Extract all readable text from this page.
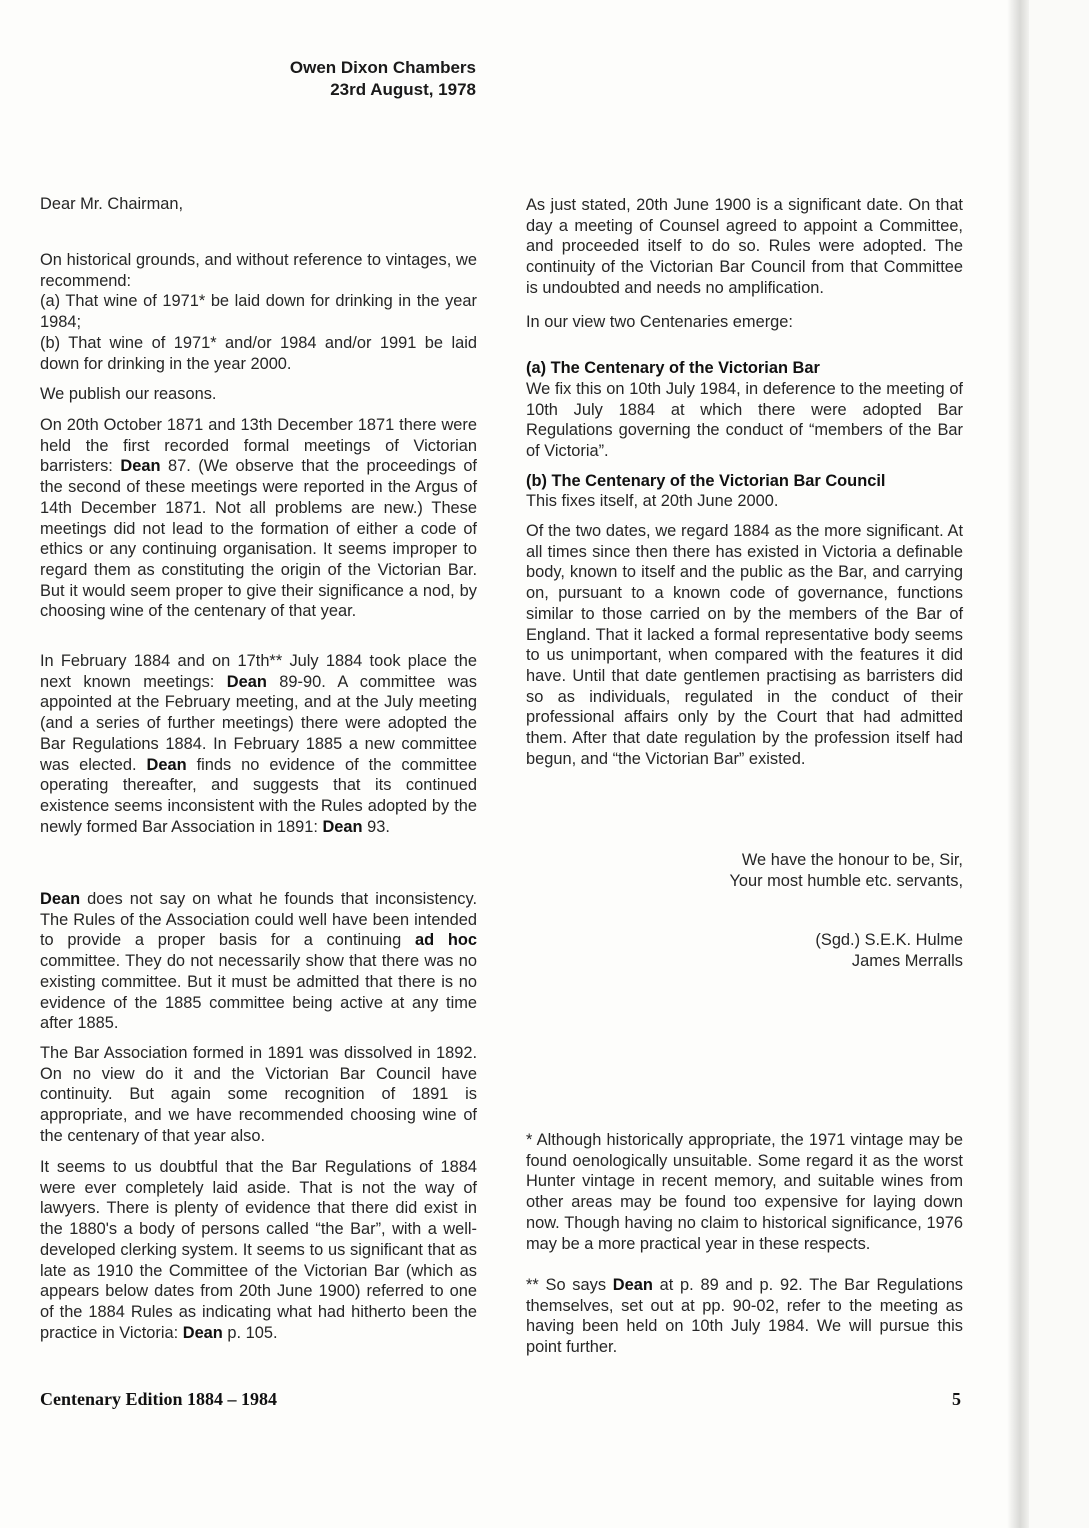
Owen Dixon Chambers
23rd August, 1978
Dear Mr. Chairman,
On historical grounds, and without reference to vintages, we recommend:
(a) That wine of 1971* be laid down for drinking in the year 1984;
(b) That wine of 1971* and/or 1984 and/or 1991 be laid down for drinking in the year 2000.
We publish our reasons.
On 20th October 1871 and 13th December 1871 there were held the first recorded formal meetings of Victorian barristers: Dean 87. (We observe that the proceedings of the second of these meetings were reported in the Argus of 14th December 1871. Not all problems are new.) These meetings did not lead to the formation of either a code of ethics or any continuing organisation. It seems improper to regard them as constituting the origin of the Victorian Bar. But it would seem proper to give their significance a nod, by choosing wine of the centenary of that year.
In February 1884 and on 17th** July 1884 took place the next known meetings: Dean 89-90. A committee was appointed at the February meeting, and at the July meeting (and a series of further meetings) there were adopted the Bar Regulations 1884. In February 1885 a new committee was elected. Dean finds no evidence of the committee operating thereafter, and suggests that its continued existence seems inconsistent with the Rules adopted by the newly formed Bar Association in 1891: Dean 93.
Dean does not say on what he founds that inconsistency. The Rules of the Association could well have been intended to provide a proper basis for a continuing ad hoc committee. They do not necessarily show that there was no existing committee. But it must be admitted that there is no evidence of the 1885 committee being active at any time after 1885.
The Bar Association formed in 1891 was dissolved in 1892. On no view do it and the Victorian Bar Council have continuity. But again some recognition of 1891 is appropriate, and we have recommended choosing wine of the centenary of that year also.
It seems to us doubtful that the Bar Regulations of 1884 were ever completely laid aside. That is not the way of lawyers. There is plenty of evidence that there did exist in the 1880's a body of persons called “the Bar”, with a well-developed clerking system. It seems to us significant that as late as 1910 the Committee of the Victorian Bar (which as appears below dates from 20th June 1900) referred to one of the 1884 Rules as indicating what had hitherto been the practice in Victoria: Dean p. 105.
As just stated, 20th June 1900 is a significant date. On that day a meeting of Counsel agreed to appoint a Committee, and proceeded itself to do so. Rules were adopted. The continuity of the Victorian Bar Council from that Committee is undoubted and needs no amplification.
In our view two Centenaries emerge:
(a) The Centenary of the Victorian Bar
We fix this on 10th July 1984, in deference to the meeting of 10th July 1884 at which there were adopted Bar Regulations governing the conduct of “members of the Bar of Victoria”.
(b) The Centenary of the Victorian Bar Council
This fixes itself, at 20th June 2000.
Of the two dates, we regard 1884 as the more significant. At all times since then there has existed in Victoria a definable body, known to itself and the public as the Bar, and carrying on, pursuant to a known code of governance, functions similar to those carried on by the members of the Bar of England. That it lacked a formal representative body seems to us unimportant, when compared with the features it did have. Until that date gentlemen practising as barristers did so as individuals, regulated in the conduct of their professional affairs only by the Court that had admitted them. After that date regulation by the profession itself had begun, and “the Victorian Bar” existed.
We have the honour to be, Sir,
Your most humble etc. servants,
(Sgd.) S.E.K. Hulme
James Merralls
* Although historically appropriate, the 1971 vintage may be found oenologically unsuitable. Some regard it as the worst Hunter vintage in recent memory, and suitable wines from other areas may be found too expensive for laying down now. Though having no claim to historical significance, 1976 may be a more practical year in these respects.
** So says Dean at p. 89 and p. 92. The Bar Regulations themselves, set out at pp. 90-02, refer to the meeting as having been held on 10th July 1984. We will pursue this point further.
Centenary Edition 1884 – 1984	5
